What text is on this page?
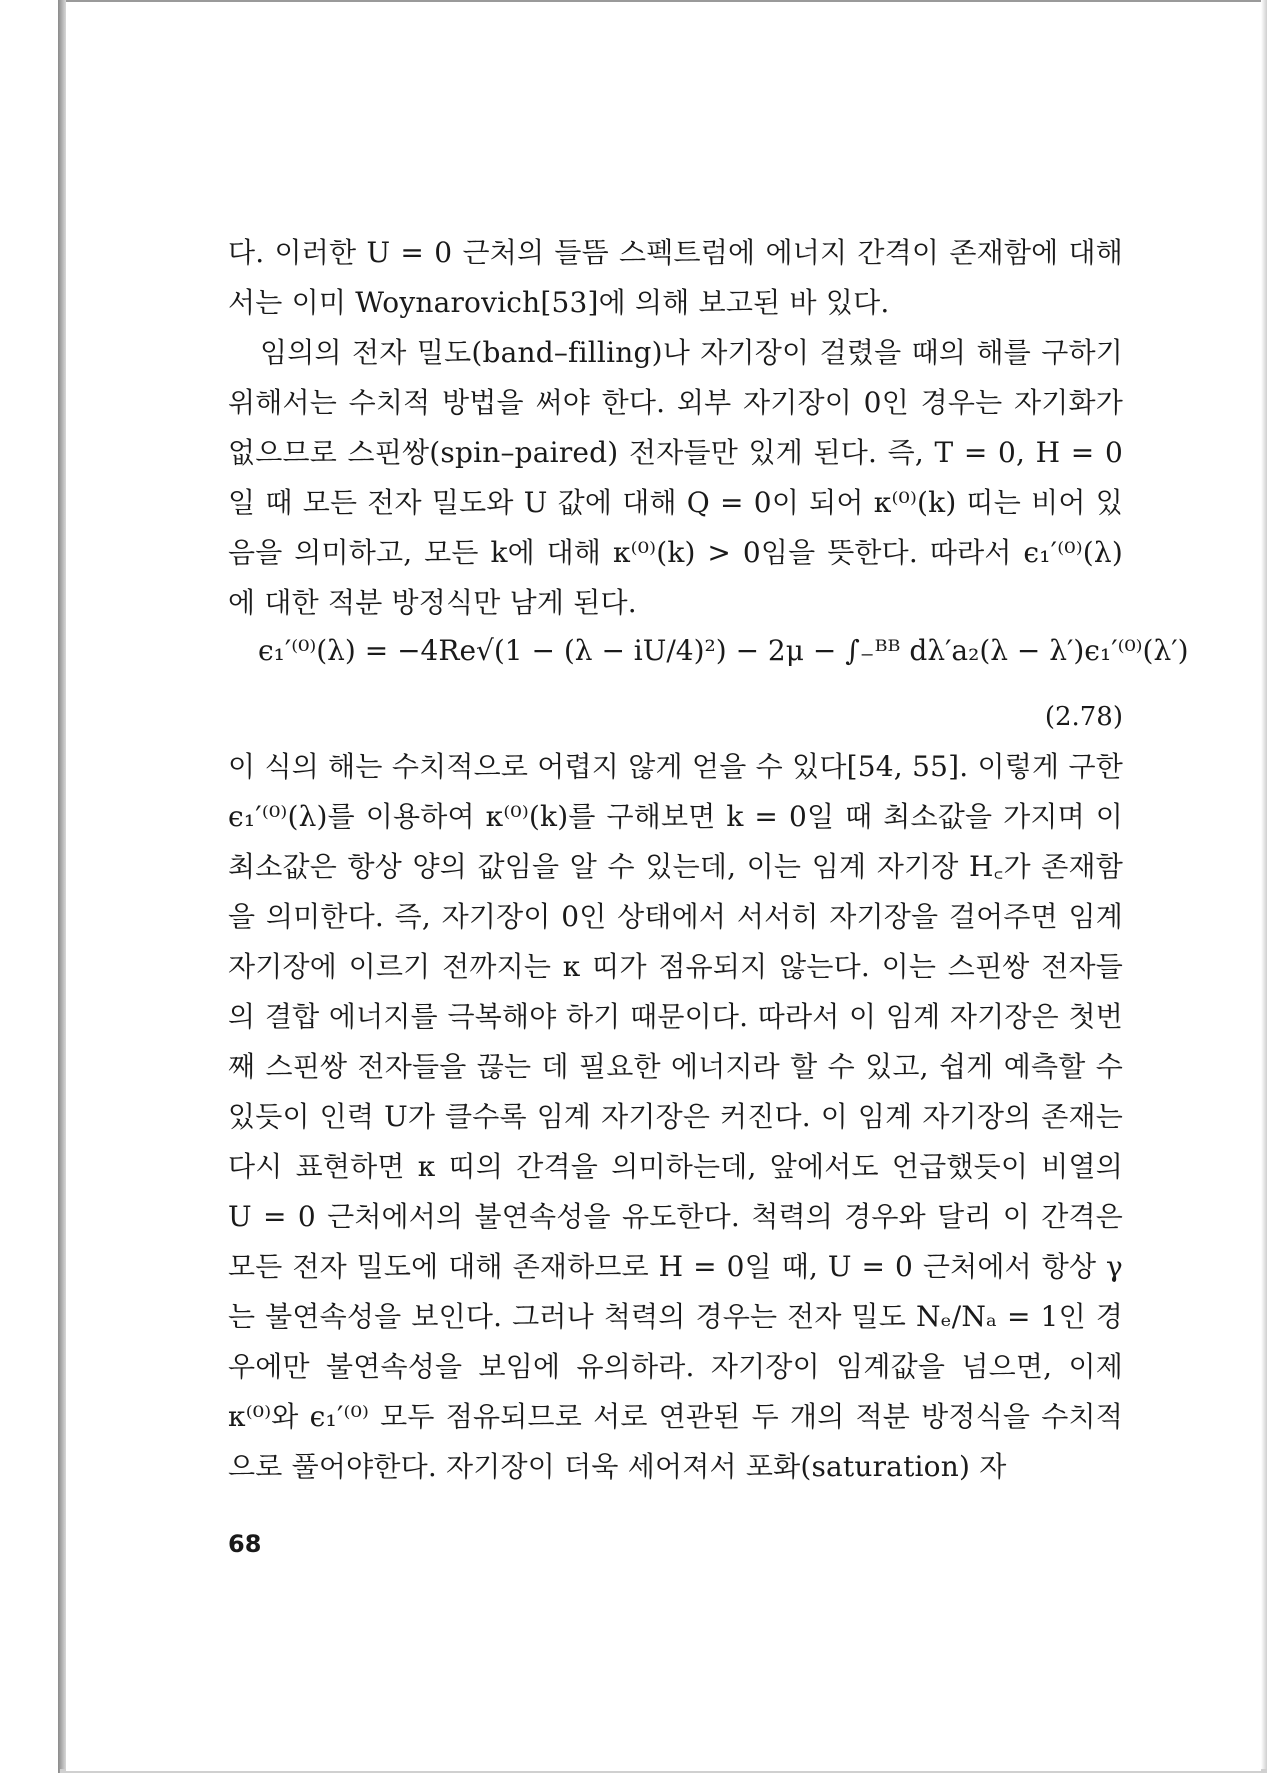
다. 이러한 U = 0 근처의 들뜸 스펙트럼에 에너지 간격이 존재함에 대해서는 이미 Woynarovich[53]에 의해 보고된 바 있다.

임의의 전자 밀도(band–filling)나 자기장이 걸렸을 때의 해를 구하기 위해서는 수치적 방법을 써야 한다. 외부 자기장이 0인 경우는 자기화가 없으므로 스핀쌍(spin–paired) 전자들만 있게 된다. 즉, T = 0, H = 0일 때 모든 전자 밀도와 U 값에 대해 Q = 0이 되어 κ⁽⁰⁾(k) 띠는 비어 있음을 의미하고, 모든 k에 대해 κ⁽⁰⁾(k) > 0임을 뜻한다. 따라서 ϵ₁′⁽⁰⁾(λ)에 대한 적분 방정식만 남게 된다.

ϵ₁′⁽⁰⁾(λ) = −4Re√(1 − (λ − iU/4)²) − 2μ − ∫₋ᴮᴮ dλ′a₂(λ − λ′)ϵ₁′⁽⁰⁾(λ′)
(2.78)

이 식의 해는 수치적으로 어렵지 않게 얻을 수 있다[54, 55]. 이렇게 구한 ϵ₁′⁽⁰⁾(λ)를 이용하여 κ⁽⁰⁾(k)를 구해보면 k = 0일 때 최소값을 가지며 이 최소값은 항상 양의 값임을 알 수 있는데, 이는 임계 자기장 H꜀가 존재함을 의미한다. 즉, 자기장이 0인 상태에서 서서히 자기장을 걸어주면 임계 자기장에 이르기 전까지는 κ 띠가 점유되지 않는다. 이는 스핀쌍 전자들의 결합 에너지를 극복해야 하기 때문이다. 따라서 이 임계 자기장은 첫번째 스핀쌍 전자들을 끊는 데 필요한 에너지라 할 수 있고, 쉽게 예측할 수 있듯이 인력 U가 클수록 임계 자기장은 커진다. 이 임계 자기장의 존재는 다시 표현하면 κ 띠의 간격을 의미하는데, 앞에서도 언급했듯이 비열의 U = 0 근처에서의 불연속성을 유도한다. 척력의 경우와 달리 이 간격은 모든 전자 밀도에 대해 존재하므로 H = 0일 때, U = 0 근처에서 항상 γ는 불연속성을 보인다. 그러나 척력의 경우는 전자 밀도 Nₑ/Nₐ = 1인 경우에만 불연속성을 보임에 유의하라. 자기장이 임계값을 넘으면, 이제 κ⁽⁰⁾와 ϵ₁′⁽⁰⁾ 모두 점유되므로 서로 연관된 두 개의 적분 방정식을 수치적으로 풀어야한다. 자기장이 더욱 세어져서 포화(saturation) 자

68
